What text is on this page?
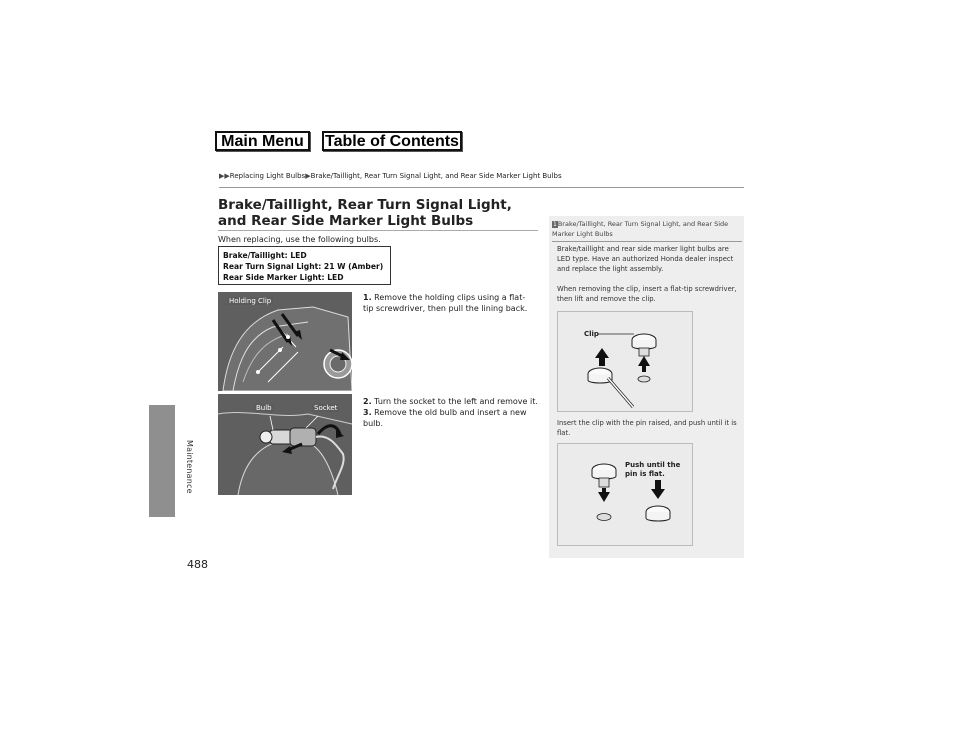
Main Menu	Table of Contents
▶▶Replacing Light Bulbs▶Brake/Taillight, Rear Turn Signal Light, and Rear Side Marker Light Bulbs
Maintenance
488
Brake/Taillight, Rear Turn Signal Light, and Rear Side Marker Light Bulbs
When replacing, use the following bulbs.
Brake/Taillight: LED
Rear Turn Signal Light: 21 W (Amber)
Rear Side Marker Light: LED
Holding Clip
Bulb	Socket
1. Remove the holding clips using a flat-tip screwdriver, then pull the lining back.
2. Turn the socket to the left and remove it.
3. Remove the old bulb and insert a new bulb.
1Brake/Taillight, Rear Turn Signal Light, and Rear Side Marker Light Bulbs
Brake/taillight and rear side marker light bulbs are LED type. Have an authorized Honda dealer inspect and replace the light assembly.
When removing the clip, insert a flat-tip screwdriver, then lift and remove the clip.
Clip
Insert the clip with the pin raised, and push until it is flat.
Push until the
pin is flat.
